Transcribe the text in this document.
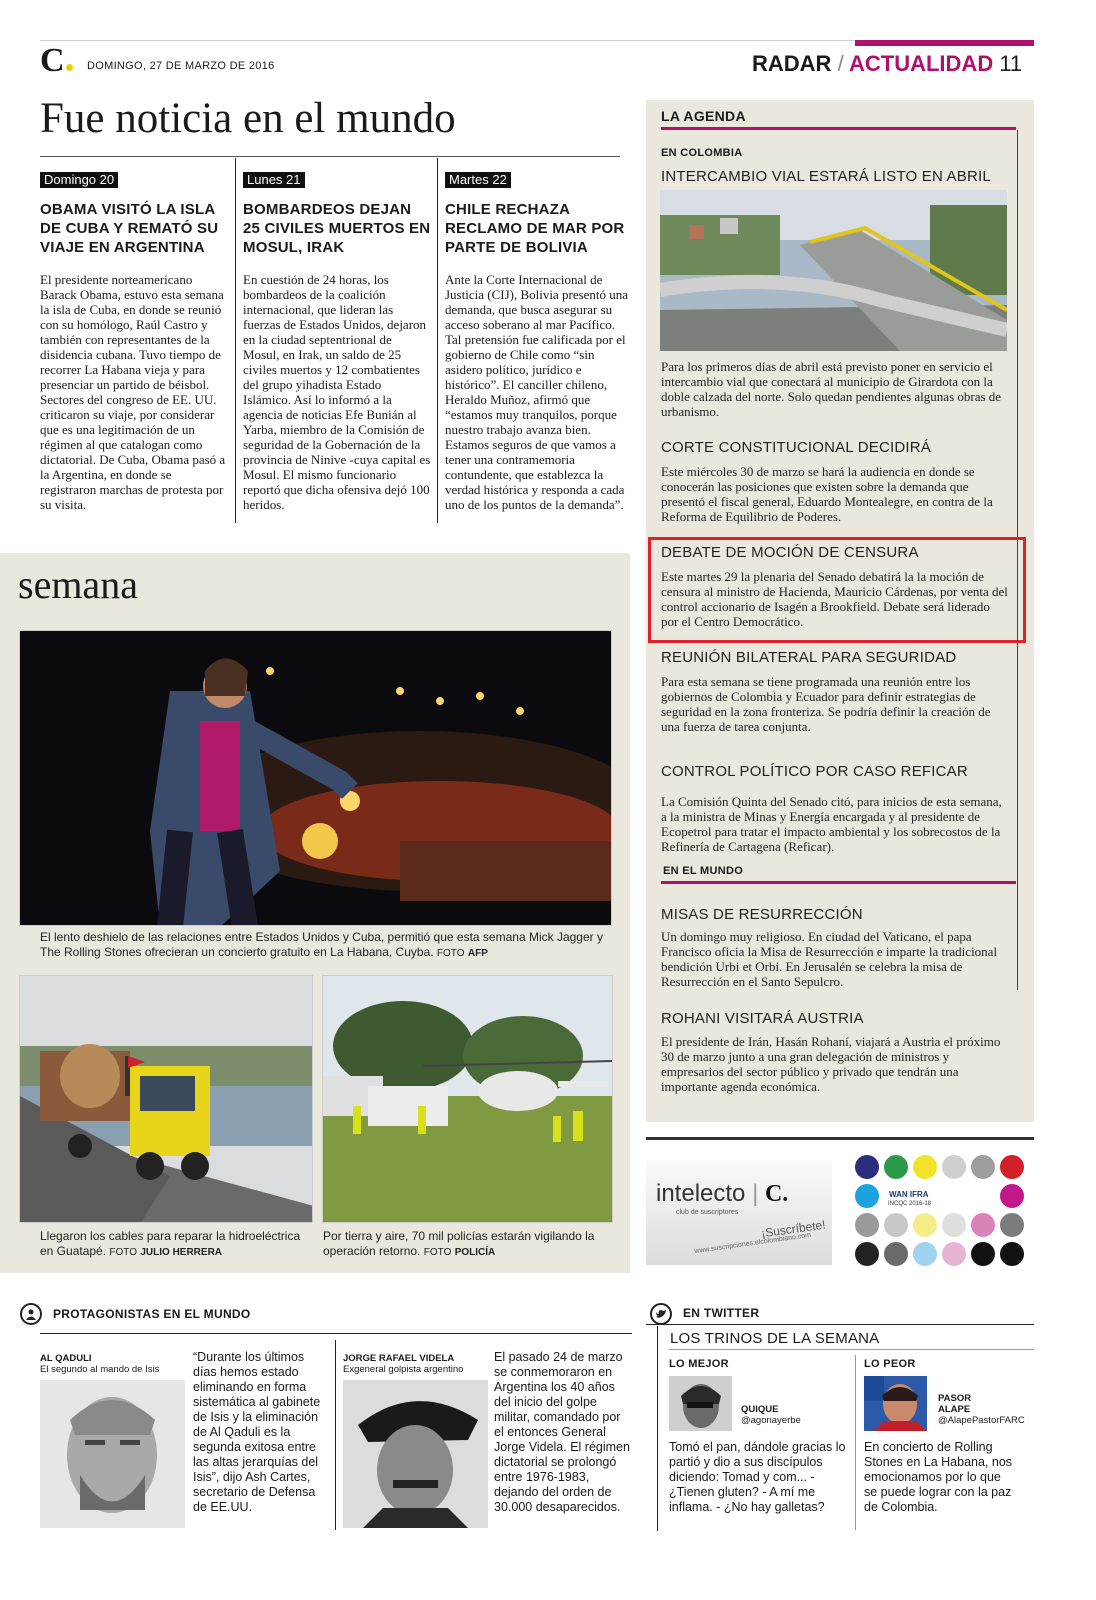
C	DOMINGO, 27 DE MARZO DE 2016	RADAR / ACTUALIDAD 11
Fue noticia en el mundo
Domingo 20
OBAMA VISITÓ LA ISLA DE CUBA Y REMATÓ SU VIAJE EN ARGENTINA
El presidente norteamericano Barack Obama, estuvo esta semana la isla de Cuba, en donde se reunió con su homólogo, Raúl Castro y también con representantes de la disidencia cubana. Tuvo tiempo de recorrer La Habana vieja y para presenciar un partido de béisbol. Sectores del congreso de EE. UU. criticaron su viaje, por considerar que es una legitimación de un régimen al que catalogan como dictatorial. De Cuba, Obama pasó a la Argentina, en donde se registraron marchas de protesta por su visita.
Lunes 21
BOMBARDEOS DEJAN 25 CIVILES MUERTOS EN MOSUL, IRAK
En cuestión de 24 horas, los bombardeos de la coalición internacional, que lideran las fuerzas de Estados Unidos, dejaron en la ciudad septentrional de Mosul, en Irak, un saldo de 25 civiles muertos y 12 combatientes del grupo yihadista Estado Islámico. Así lo informó a la agencia de noticias Efe Bunián al Yarba, miembro de la Comisión de seguridad de la Gobernación de la provincia de Ninive -cuya capital es Mosul. El mismo funcionario reportó que dicha ofensiva dejó 100 heridos.
Martes 22
CHILE RECHAZA RECLAMO DE MAR POR PARTE DE BOLIVIA
Ante la Corte Internacional de Justicia (CIJ), Bolivia presentó una demanda, que busca asegurar su acceso soberano al mar Pacífico. Tal pretensión fue calificada por el gobierno de Chile como “sin asidero político, jurídico e histórico”. El canciller chileno, Heraldo Muñoz, afirmó que “estamos muy tranquilos, porque nuestro trabajo avanza bien. Estamos seguros de que vamos a tener una contramemoria contundente, que establezca la verdad histórica y responda a cada uno de los puntos de la demanda”.
LA AGENDA
EN COLOMBIA
INTERCAMBIO VIAL ESTARÁ LISTO EN ABRIL
Para los primeros días de abril está previsto poner en servicio el intercambio vial que conectará al municipio de Girardota con la doble calzada del norte. Solo quedan pendientes algunas obras de urbanismo.
CORTE CONSTITUCIONAL DECIDIRÁ
Este miércoles 30 de marzo se hará la audiencia en donde se conocerán las posiciones que existen sobre la demanda que presentó el fiscal general, Eduardo Montealegre, en contra de la Reforma de Equilibrio de Poderes.
DEBATE DE MOCIÓN DE CENSURA
Este martes 29 la plenaria del Senado debatirá la la moción de censura al ministro de Hacienda, Mauricio Cárdenas, por venta del control accionario de Isagén a Brookfield. Debate será liderado por el Centro Democrático.
REUNIÓN BILATERAL PARA SEGURIDAD
Para esta semana se tiene programada una reunión entre los gobiernos de Colombia y Ecuador para definir estrategias de seguridad en la zona fronteriza. Se podría definir la creación de una fuerza de tarea conjunta.
CONTROL POLÍTICO POR CASO REFICAR
La Comisión Quinta del Senado citó, para inicios de esta semana, a la ministra de Minas y Energía encargada y al presidente de Ecopetrol para tratar el impacto ambiental y los sobrecostos de la Refinería de Cartagena (Reficar).
EN EL MUNDO
MISAS DE RESURRECCIÓN
Un domingo muy religioso. En ciudad del Vaticano, el papa Francisco oficia la Misa de Resurrección e imparte la tradicional bendición Urbi et Orbi. En Jerusalén se celebra la misa de Resurrección en el Santo Sepulcro.
ROHANI VISITARÁ AUSTRIA
El presidente de Irán, Hasán Rohaní, viajará a Austria el próximo 30 de marzo junto a una gran delegación de ministros y empresarios del sector público y privado que tendrán una importante agenda económica.
semana
El lento deshielo de las relaciones entre Estados Unidos y Cuba, permitió que esta semana Mick Jagger y The Rolling Stones ofrecieran un concierto gratuito en La Habana, Cuyba. FOTO AFP
Llegaron los cables para reparar la hidroeléctrica en Guatapé. FOTO JULIO HERRERA
Por tierra y aire, 70 mil policías estarán vigilando la operación retorno. FOTO POLICÍA
intelecto | C.
club de suscriptores
¡Suscríbete!
www.suscripciones.elcolombiano.com
WAN IFRA
INCQC 2016-18
PROTAGONISTAS EN EL MUNDO
AL QADULI
El segundo al mando de Isis
“Durante los últimos días hemos estado eliminando en forma sistemática al gabinete de Isis y la eliminación de Al Qaduli es la segunda exitosa entre las altas jerarquías del Isis”, dijo Ash Cartes, secretario de Defensa de EE.UU.
JORGE RAFAEL VIDELA
Exgeneral golpista argentino
El pasado 24 de marzo se conmemoraron en Argentina los 40 años del inicio del golpe militar, comandado por el entonces General Jorge Videla. El régimen dictatorial se prolongó entre 1976-1983, dejando del orden de 30.000 desaparecidos.
EN TWITTER
LOS TRINOS DE LA SEMANA
LO MEJOR
QUIQUE
@agonayerbe
Tomó el pan, dándole gracias lo partió y dio a sus discípulos diciendo: Tomad y com... - ¿Tienen gluten? - A mí me inflama. - ¿No hay galletas?
LO PEOR
PASOR ALAPE
@AlapePastorFARC
En concierto de Rolling Stones en La Habana, nos emocionamos por lo que se puede lograr con la paz de Colombia.
